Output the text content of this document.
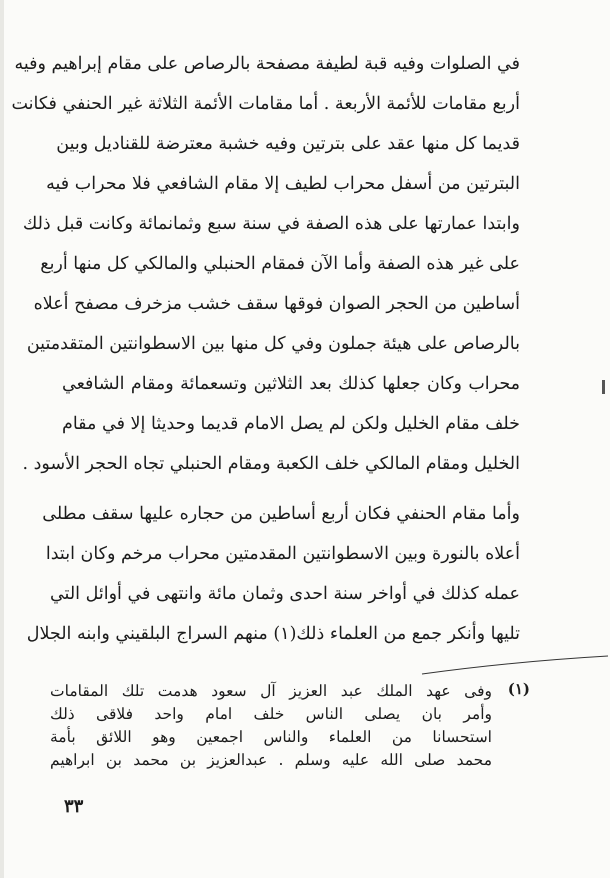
في الصلوات وفيه قبة لطيفة مصفحة بالرصاص على مقام إبراهيم وفيه
أربع مقامات للأئمة الأربعة . أما مقامات الأئمة الثلاثة غير الحنفي فكانت
قديما كل منها عقد على بترتين وفيه خشبة معترضة للقناديل وبين
البترتين من أسفل محراب لطيف إلا مقام الشافعي فلا محراب فيه
وابتدا عمارتها على هذه الصفة في سنة سبع وثمانمائة وكانت قبل ذلك
على غير هذه الصفة وأما الآن فمقام الحنبلي والمالكي كل منها أربع
أساطين من الحجر الصوان فوقها سقف خشب مزخرف مصفح أعلاه
بالرصاص على هيئة جملون وفي كل منها بين الاسطوانتين المتقدمتين
محراب وكان جعلها كذلك بعد الثلاثين وتسعمائة ومقام الشافعي
خلف مقام الخليل ولكن لم يصل الامام قديما وحديثا إلا في مقام
الخليل ومقام المالكي خلف الكعبة ومقام الحنبلي تجاه الحجر الأسود .
وأما مقام الحنفي فكان أربع أساطين من حجاره عليها سقف مطلى
أعلاه بالنورة وبين الاسطوانتين المقدمتين محراب مرخم وكان ابتدا
عمله كذلك في أواخر سنة احدى وثمان مائة وانتهى في أوائل التي
تليها وأنكر جمع من العلماء ذلك(١) منهم السراج البلقيني وابنه الجلال
(١)
وفى عهد الملك عبد العزيز آل سعود هدمت تلك المقامات
وأمر بان يصلى الناس خلف امام واحد فلاقى ذلك
استحسانا من العلماء والناس اجمعين وهو اللائق بأمة
محمد صلى الله عليه وسلم . عبدالعزيز بن محمد بن ابراهيم
٣٣
